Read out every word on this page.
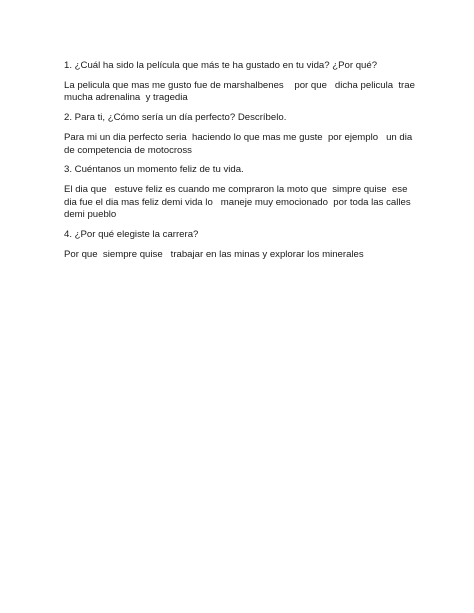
1. ¿Cuál ha sido la película que más te ha gustado en tu vida? ¿Por qué?
La pelicula que mas me gusto fue de marshalbenes    por que   dicha pelicula  trae
mucha adrenalina  y tragedia
2. Para ti, ¿Cómo sería un día perfecto? Descríbelo.
Para mi un dia perfecto seria  haciendo lo que mas me guste  por ejemplo   un dia
de competencia de motocross
3. Cuéntanos un momento feliz de tu vida.
El dia que   estuve feliz es cuando me compraron la moto que  simpre quise  ese
dia fue el dia mas feliz demi vida lo   maneje muy emocionado  por toda las calles
demi pueblo
4. ¿Por qué elegiste la carrera?
Por que  siempre quise   trabajar en las minas y explorar los minerales
